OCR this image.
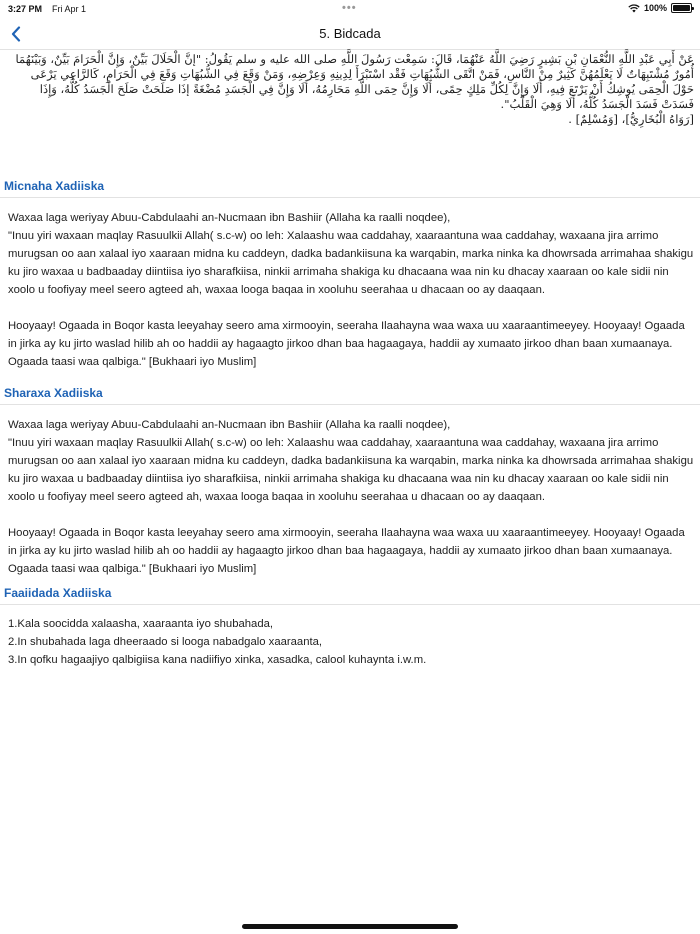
3:27 PM Fri Apr 1	•••	100%
5. Bidcada

عَنْ أَبِي عَبْدِ اللَّهِ النُّعْمَانِ بْنِ بَشِيرٍ رَضِيَ اللَّهُ عَنْهُمَا، قَالَ: سَمِعْت رَسُولَ اللَّهِ صلى الله عليه و سلم يَقُولُ: "إنَّ الْحَلَالَ بَيِّنٌ، وَإِنَّ الْحَرَامَ بَيِّنٌ، وَبَيْنَهُمَا أُمُورٌ مُشْتَبِهَاتٌ لَا يَعْلَمُهُنَّ كَثِيرٌ مِنْ النَّاسِ، فَمَنْ اتَّقَى الشُّبُهَاتِ فَقْد اسْتَبْرَأَ لِدِينِهِ وَعِرْضِهِ، وَمَنْ وَقَعَ فِي الشُّبُهَاتِ وَقَعَ فِي الْحَرَامِ، كَالرَّاعِي يَرْعَى حَوْلَ الْحِمَى يُوشِكُ أَنْ يَرْتَعَ فِيهِ، أَلَا وَإِنَّ لِكُلِّ مَلِكٍ حِمًى، أَلَا وَإِنَّ حِمَى اللَّهِ مَحَارِمُهُ، أَلَا وَإِنَّ فِي الْجَسَدِ مُضْغَةً إذَا صَلَحَتْ صَلَحَ الْجَسَدُ كُلُّهُ، وَإِذَا فَسَدَتْ فَسَدَ الْجَسَدُ كُلُّهُ، أَلَا وَهِيَ الْقَلْبُ".

[رَوَاهُ الْبُخَارِيُّ]، [وَمُسْلِمٌ] .

Micnaha Xadiiska

Waxaa laga weriyay Abuu-Cabdulaahi an-Nucmaan ibn Bashiir (Allaha ka raalli noqdee),

"Inuu yiri waxaan maqlay Rasuulkii Allah( s.c-w) oo leh: Xalaashu waa caddahay, xaaraantuna waa caddahay, waxaana jira arrimo murugsan oo aan xalaal iyo xaaraan midna ku caddeyn, dadka badankiisuna ka warqabin, marka ninka ka dhowrsada arrimahaa shakigu ku jiro waxaa u badbaaday diintiisa iyo sharafkiisa, ninkii arrimaha shakiga ku dhacaana waa nin ku dhacay xaaraan oo kale sidii nin xoolo u foofiyay meel seero agteed ah, waxaa looga baqaa in xooluhu seerahaa u dhacaan oo ay daaqaan.

Hooyaay! Ogaada in Boqor kasta leeyahay seero ama xirmooyin, seeraha Ilaahayna waa waxa uu xaaraantimeeyey. Hooyaay! Ogaada in jirka ay ku jirto waslad hilib ah oo haddii ay hagaagto jirkoo dhan baa hagaagaya, haddii ay xumaato jirkoo dhan baan xumaanaya. Ogaada taasi waa qalbiga." [Bukhaari iyo Muslim]

Sharaxa Xadiiska

Waxaa laga weriyay Abuu-Cabdulaahi an-Nucmaan ibn Bashiir (Allaha ka raalli noqdee),

"Inuu yiri waxaan maqlay Rasuulkii Allah( s.c-w) oo leh: Xalaashu waa caddahay, xaaraantuna waa caddahay, waxaana jira arrimo murugsan oo aan xalaal iyo xaaraan midna ku caddeyn, dadka badankiisuna ka warqabin, marka ninka ka dhowrsada arrimahaa shakigu ku jiro waxaa u badbaaday diintiisa iyo sharafkiisa, ninkii arrimaha shakiga ku dhacaana waa nin ku dhacay xaaraan oo kale sidii nin xoolo u foofiyay meel seero agteed ah, waxaa looga baqaa in xooluhu seerahaa u dhacaan oo ay daaqaan.

Hooyaay! Ogaada in Boqor kasta leeyahay seero ama xirmooyin, seeraha Ilaahayna waa waxa uu xaaraantimeeyey. Hooyaay! Ogaada in jirka ay ku jirto waslad hilib ah oo haddii ay hagaagto jirkoo dhan baa hagaagaya, haddii ay xumaato jirkoo dhan baan xumaanaya. Ogaada taasi waa qalbiga." [Bukhaari iyo Muslim]

Faaiidada Xadiiska

1.Kala soocidda xalaasha, xaaraanta iyo shubahada,

2.In shubahada laga dheeraado si looga nabadgalo xaaraanta,

3.In qofku hagaajiyo qalbigiisa kana nadiifiyo xinka, xasadka, calool kuhaynta i.w.m.
